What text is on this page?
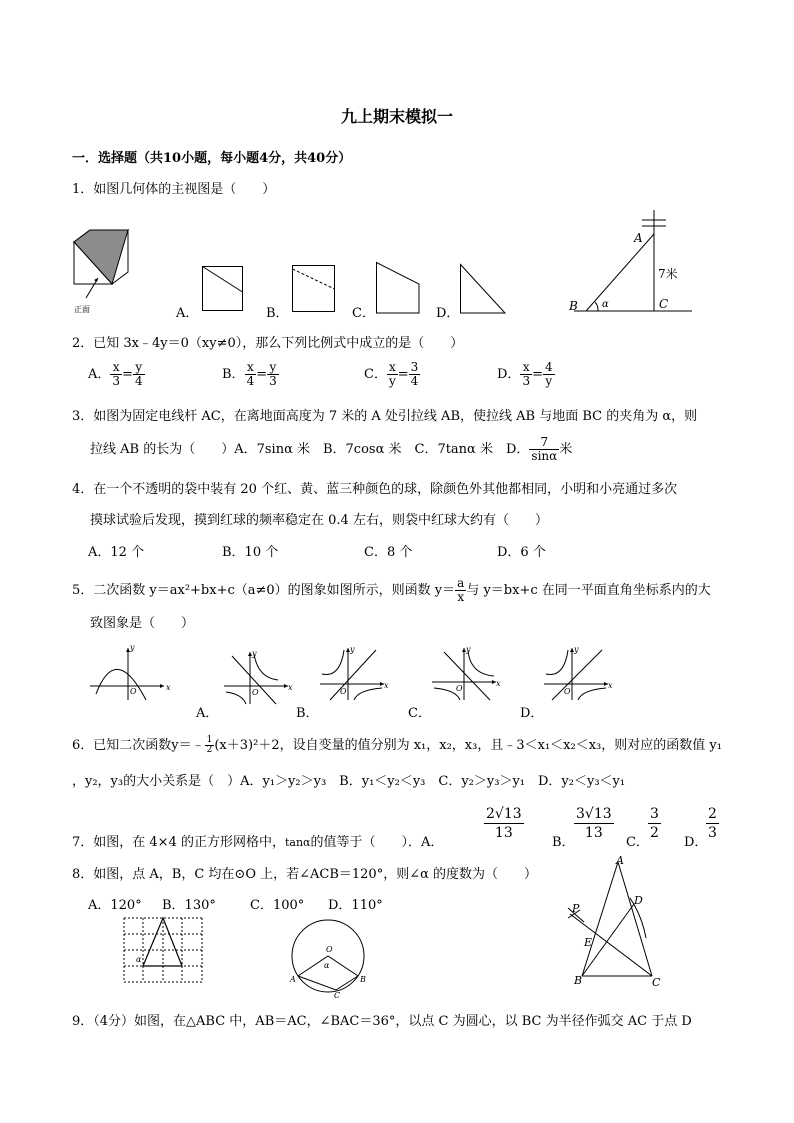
九上期末模拟一
一．选择题（共10小题，每小题4分，共40分）
1．如图几何体的主视图是（　　）
正面	A．	B．	C．	D．
A
B	C
α
7米
2．已知 3x﹣4y＝0（xy≠0），那么下列比例式中成立的是（　　）
A． $\frac{x}{3} = \frac{y}{4}$	B． $\frac{x}{4} = \frac{y}{3}$	C． $\frac{x}{y} = \frac{3}{4}$	D． $\frac{x}{3} = \frac{4}{y}$
3．如图为固定电线杆 AC，在离地面高度为 7 米的 A 处引拉线 AB，使拉线 AB 与地面 BC 的夹角为 α，则
拉线 AB 的长为（　　）A．7sinα 米　B．7cosα 米　C．7tanα 米　D． $\frac{7}{\sin\alpha}$ 米
4．在一个不透明的袋中装有 20 个红、黄、蓝三种颜色的球，除颜色外其他都相同，小明和小亮通过多次
摸球试验后发现，摸到红球的频率稳定在 0.4 左右，则袋中红球大约有（　　）
A．12 个	B．10 个	C．8 个	D．6 个
5．二次函数 y＝ax²+bx+c（a≠0）的图象如图所示，则函数 $y= \frac{a}{x}$ 与 y＝bx+c 在同一平面直角坐标系内的大
致图象是（　　）
x
y
O
A．
x
y
O
B．
x
y
O
C．
x
y
O
D．
x
y
O
6．已知二次函数y＝﹣ $\frac{1}{2} (x+3)^2+2$，设自变量的值分别为 x₁，x₂，x₃，且﹣3＜x₁＜x₂＜x₃，则对应的函数值 y₁
，y₂，y₃的大小关系是（　）A．y₁＞y₂＞y₃　B．y₁＜y₂＜y₃　C．y₂＞y₃＞y₁　D．y₂＜y₃＜y₁
7．如图，在 4×4 的正方形网格中，tanα的值等于（　　）．A．
$\frac{2√13}{13}$
B．
$\frac{3√13}{13}$
C．
$\frac{3}{2}$
D．
$\frac{2}{3}$
8．如图，点 A，B，C 均在⊙O 上，若∠ACB＝120°，则∠α 的度数为（　　）
A．120° B．130°	C．100° D．110°
α
O
α
A	B
C
A
B	C
D
E
P
9．（4分）如图，在△ABC 中，AB＝AC，∠BAC＝36°，以点 C 为圆心，以 BC 为半径作弧交 AC 于点 D
